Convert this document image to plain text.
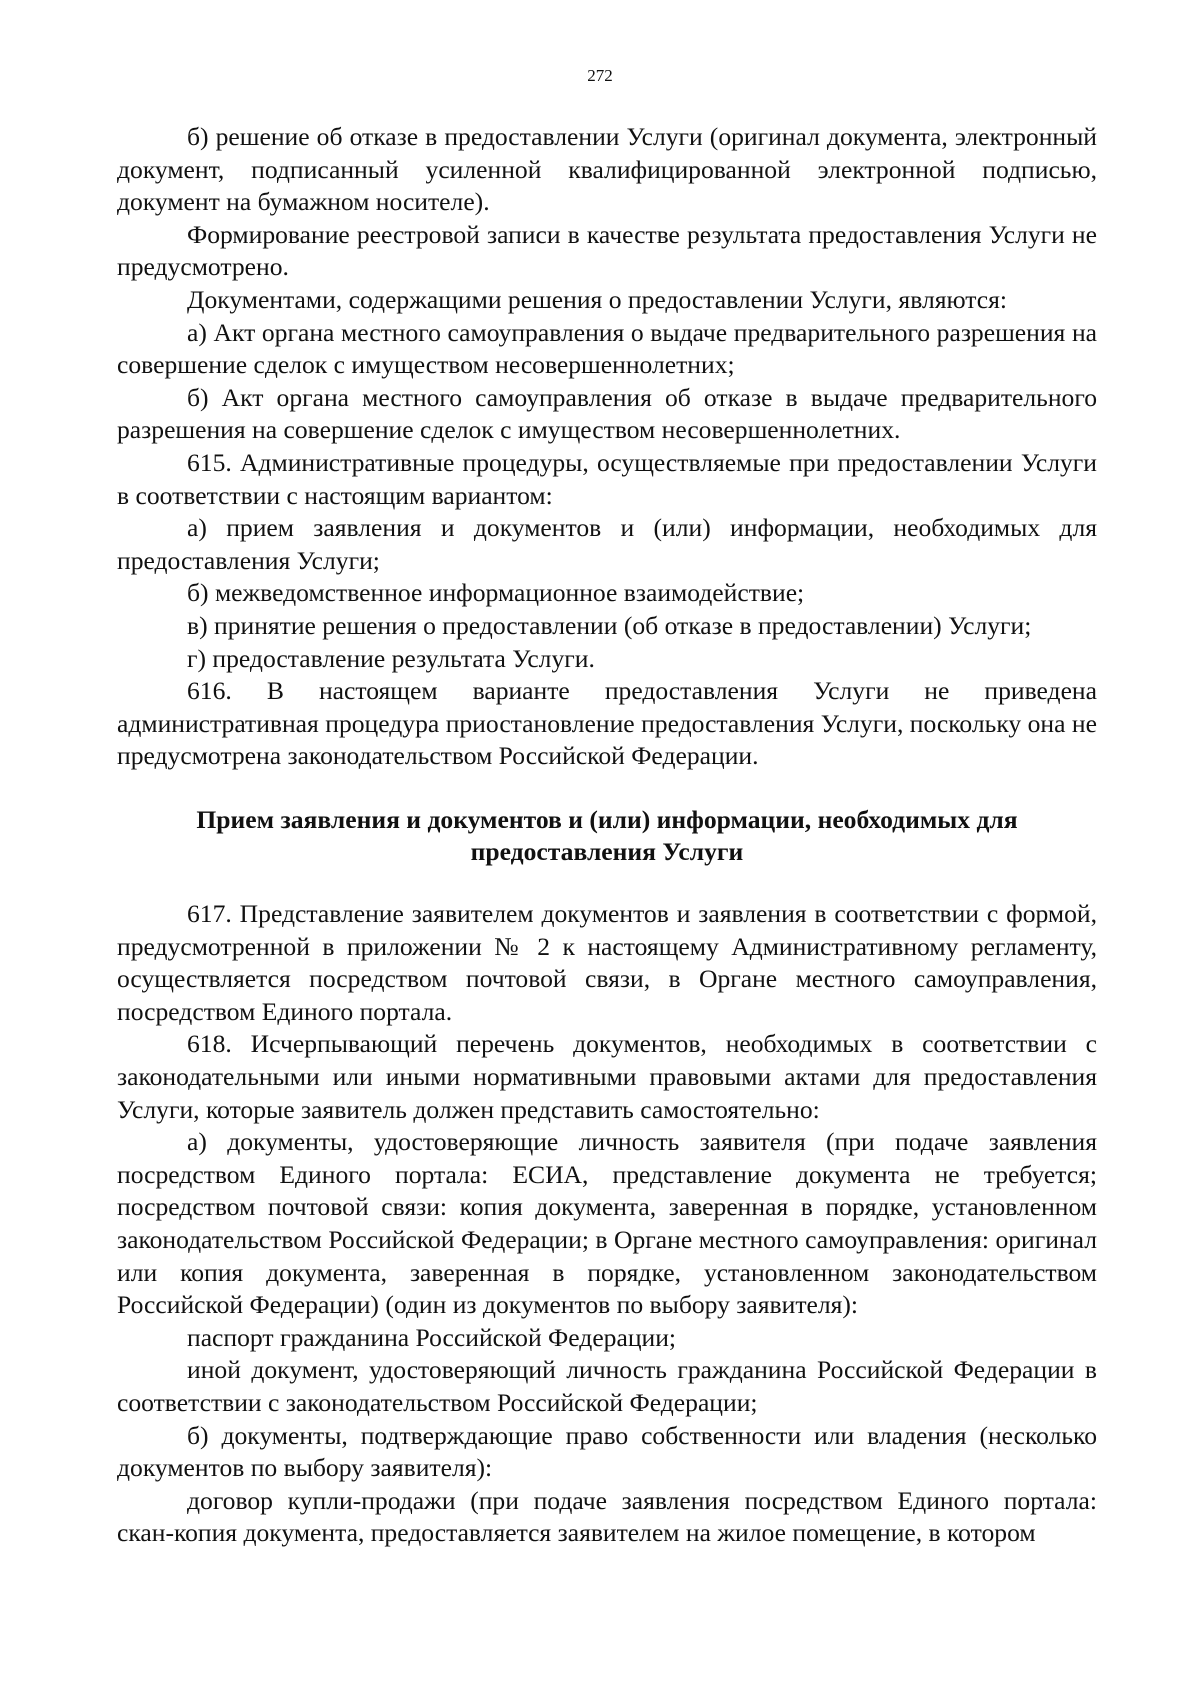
272

б) решение об отказе в предоставлении Услуги (оригинал документа, электронный документ, подписанный усиленной квалифицированной электронной подписью, документ на бумажном носителе).

Формирование реестровой записи в качестве результата предоставления Услуги не предусмотрено.

Документами, содержащими решения о предоставлении Услуги, являются:

а) Акт органа местного самоуправления о выдаче предварительного разрешения на совершение сделок с имуществом несовершеннолетних;

б) Акт органа местного самоуправления об отказе в выдаче предварительного разрешения на совершение сделок с имуществом несовершеннолетних.

615. Административные процедуры, осуществляемые при предоставлении Услуги в соответствии с настоящим вариантом:

а) прием заявления и документов и (или) информации, необходимых для предоставления Услуги;

б) межведомственное информационное взаимодействие;

в) принятие решения о предоставлении (об отказе в предоставлении) Услуги;

г) предоставление результата Услуги.

616. В настоящем варианте предоставления Услуги не приведена административная процедура приостановление предоставления Услуги, поскольку она не предусмотрена законодательством Российской Федерации.

Прием заявления и документов и (или) информации, необходимых для
предоставления Услуги

617. Представление заявителем документов и заявления в соответствии с формой, предусмотренной в приложении № 2 к настоящему Административному регламенту, осуществляется посредством почтовой связи, в Органе местного самоуправления, посредством Единого портала.

618. Исчерпывающий перечень документов, необходимых в соответствии с законодательными или иными нормативными правовыми актами для предоставления Услуги, которые заявитель должен представить самостоятельно:

а) документы, удостоверяющие личность заявителя (при подаче заявления посредством Единого портала: ЕСИА, представление документа не требуется; посредством почтовой связи: копия документа, заверенная в порядке, установленном законодательством Российской Федерации; в Органе местного самоуправления: оригинал или копия документа, заверенная в порядке, установленном законодательством Российской Федерации) (один из документов по выбору заявителя):

паспорт гражданина Российской Федерации;

иной документ, удостоверяющий личность гражданина Российской Федерации в соответствии с законодательством Российской Федерации;

б) документы, подтверждающие право собственности или владения (несколько документов по выбору заявителя):

договор купли-продажи (при подаче заявления посредством Единого портала: скан-копия документа, предоставляется заявителем на жилое помещение, в котором
